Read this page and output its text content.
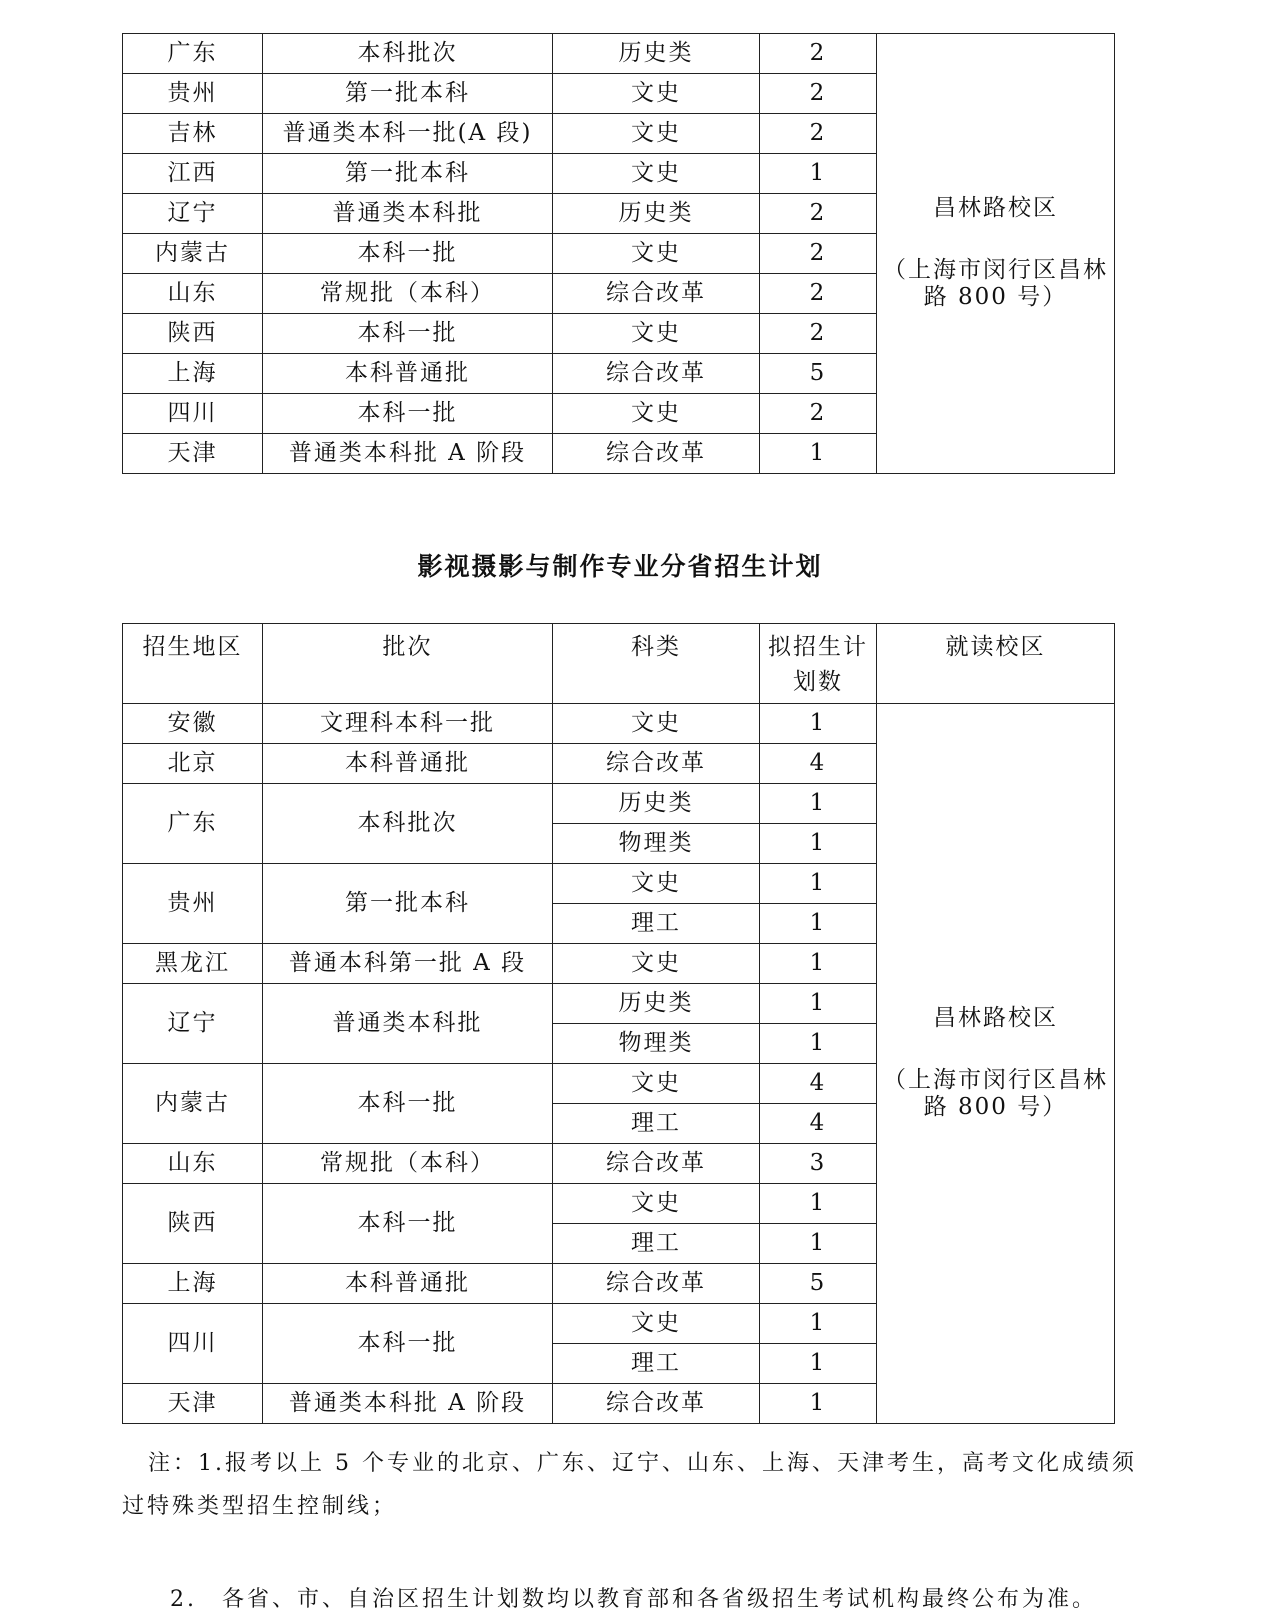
广东	本科批次	历史类	2	昌林路校区
（上海市闵行区昌林路 800 号）

贵州	第一批本科	文史	2	
吉林	普通类本科一批(A 段)	文史	2	
江西	第一批本科	文史	1	
辽宁	普通类本科批	历史类	2	
内蒙古	本科一批	文史	2	
山东	常规批（本科）	综合改革	2	
陕西	本科一批	文史	2	
上海	本科普通批	综合改革	5	
四川	本科一批	文史	2	
天津	普通类本科批 A 阶段	综合改革	1	
影视摄影与制作专业分省招生计划
招生地区	批次	科类	拟招生计划数	就读校区
安徽	文理科本科一批	文史	1	昌林路校区
（上海市闵行区昌林路 800 号）

北京	本科普通批	综合改革	4	
广东	本科批次	历史类	1	
		物理类	1	
贵州	第一批本科	文史	1	
		理工	1	
黑龙江	普通本科第一批 A 段	文史	1	
辽宁	普通类本科批	历史类	1	
		物理类	1	
内蒙古	本科一批	文史	4	
		理工	4	
山东	常规批（本科）	综合改革	3	
陕西	本科一批	文史	1	
		理工	1	
上海	本科普通批	综合改革	5	
四川	本科一批	文史	1	
		理工	1	
天津	普通类本科批 A 阶段	综合改革	1	

注：1.报考以上 5 个专业的北京、广东、辽宁、山东、上海、天津考生，高考文化成绩须过特殊类型招生控制线；

2.　各省、市、自治区招生计划数均以教育部和各省级招生考试机构最终公布为准。
